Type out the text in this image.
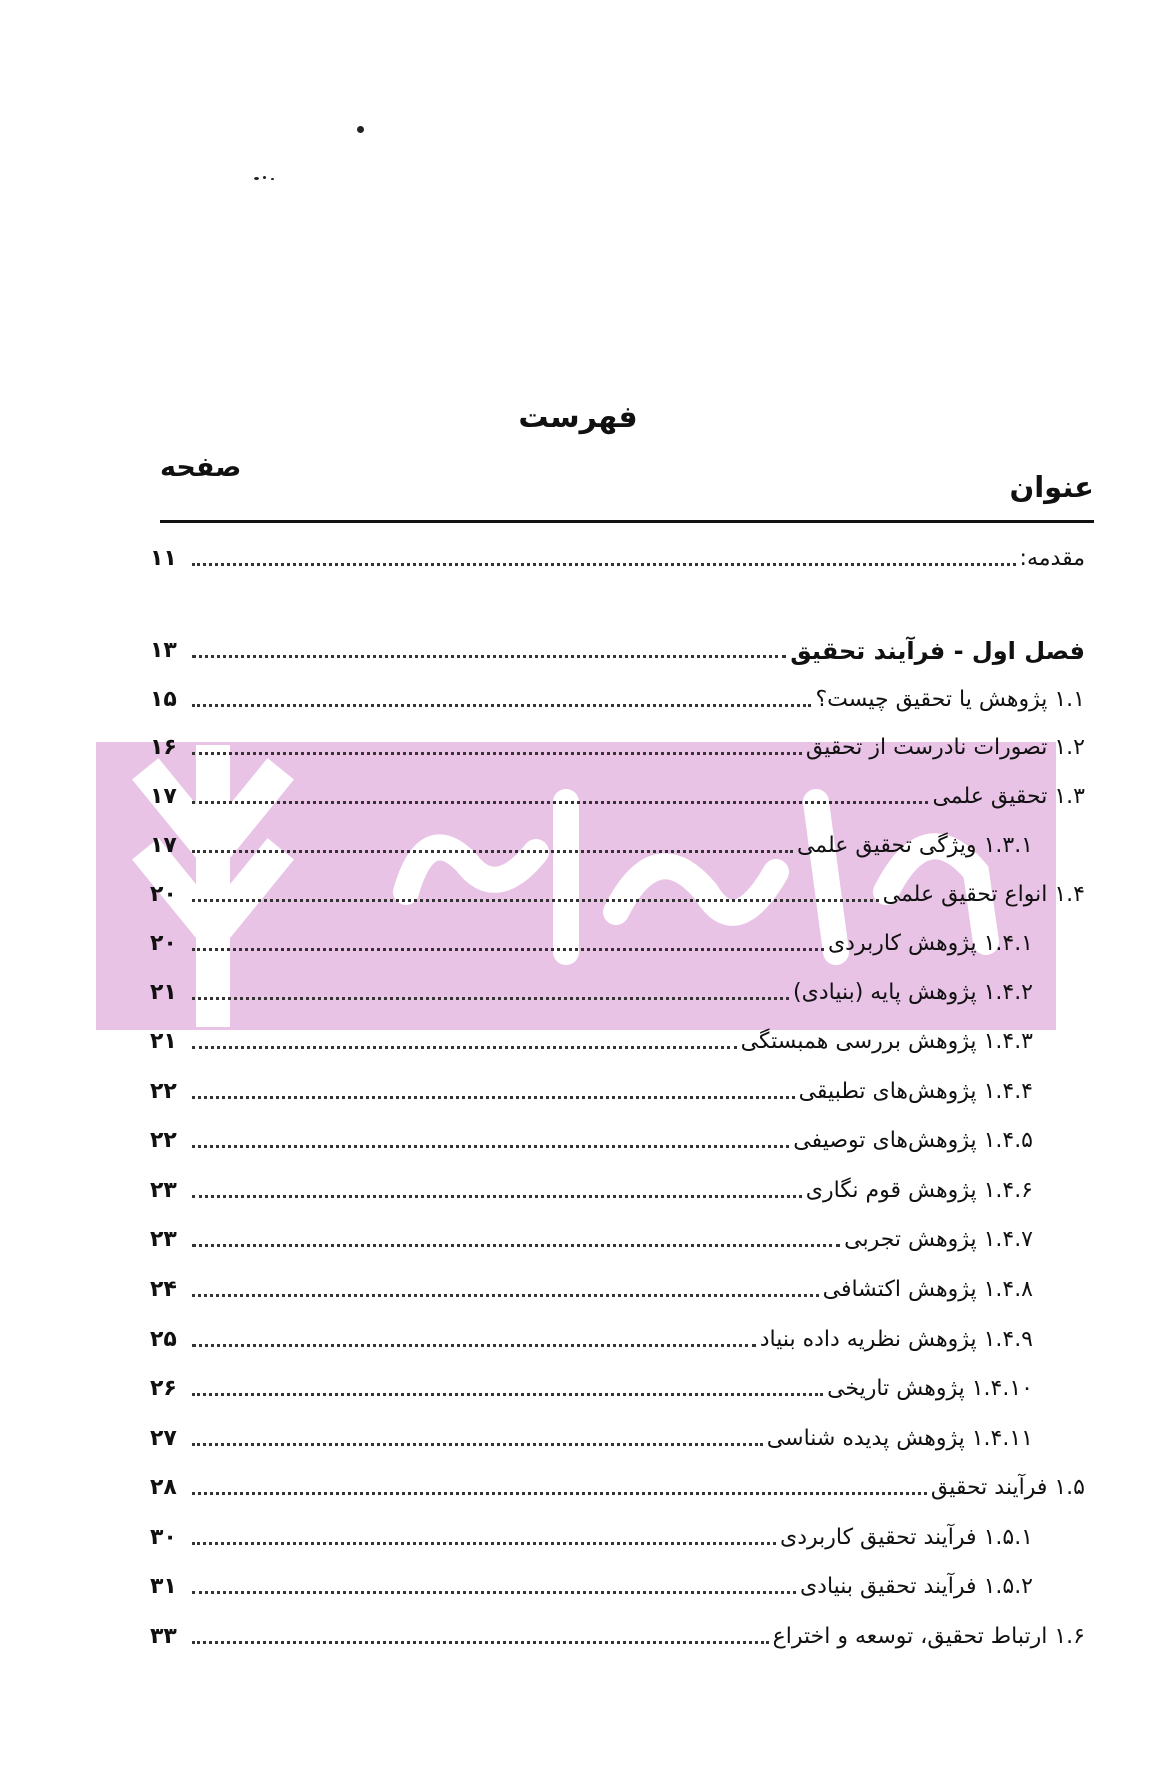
فهرست
صفحه
عنوان
مقدمه:
۱۱
فصل اول - فرآیند تحقیق
۱۳
۱.۱ پژوهش یا تحقیق چیست؟
۱۵
۱.۲ تصورات نادرست از تحقیق
۱۶
۱.۳ تحقیق علمی
۱۷
۱.۳.۱ ویژگی تحقیق علمی
۱۷
۱.۴ انواع تحقیق علمی
۲۰
۱.۴.۱ پژوهش کاربردی
۲۰
۱.۴.۲ پژوهش پایه (بنیادی)
۲۱
۱.۴.۳ پژوهش بررسی همبستگی
۲۱
۱.۴.۴ پژوهش‌های تطبیقی
۲۲
۱.۴.۵ پژوهش‌های توصیفی
۲۲
۱.۴.۶ پژوهش قوم نگاری
۲۳
۱.۴.۷ پژوهش تجربی
۲۳
۱.۴.۸ پژوهش اکتشافی
۲۴
۱.۴.۹ پژوهش نظریه داده بنیاد
۲۵
۱.۴.۱۰ پژوهش تاریخی
۲۶
۱.۴.۱۱ پژوهش پدیده شناسی
۲۷
۱.۵ فرآیند تحقیق
۲۸
۱.۵.۱ فرآیند تحقیق کاربردی
۳۰
۱.۵.۲ فرآیند تحقیق بنیادی
۳۱
۱.۶ ارتباط تحقیق، توسعه و اختراع
۳۳
